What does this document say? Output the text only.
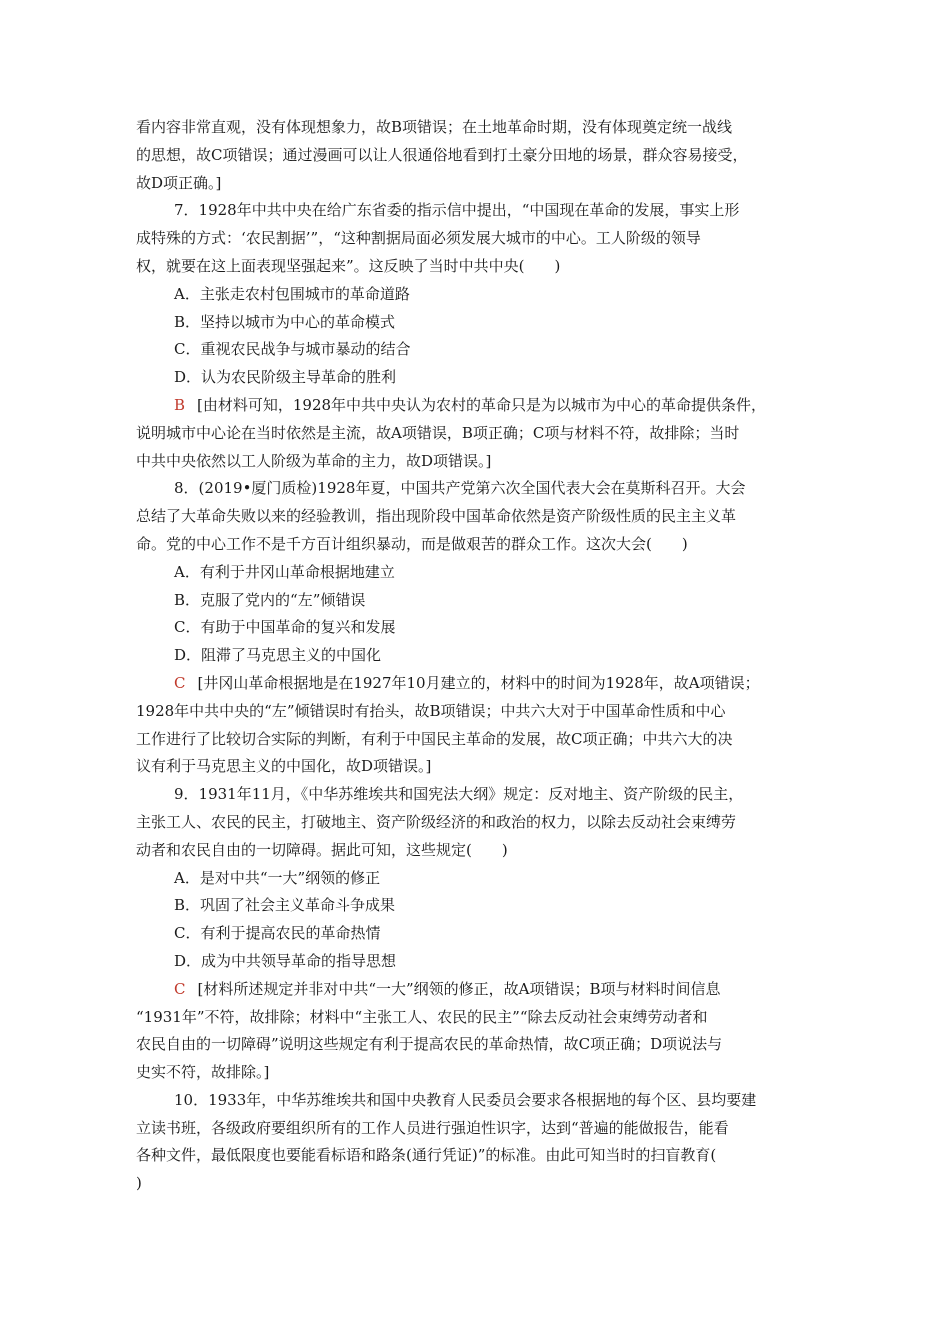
看内容非常直观，没有体现想象力，故B项错误；在土地革命时期，没有体现奠定统一战线
的思想，故C项错误；通过漫画可以让人很通俗地看到打土豪分田地的场景，群众容易接受，
故D项正确。]
7．1928年中共中央在给广东省委的指示信中提出，“中国现在革命的发展，事实上形
成特殊的方式：‘农民割据’”，“这种割据局面必须发展大城市的中心。工人阶级的领导
权，就要在这上面表现坚强起来”。这反映了当时中共中央(　　)
A．主张走农村包围城市的革命道路
B．坚持以城市为中心的革命模式
C．重视农民战争与城市暴动的结合
D．认为农民阶级主导革命的胜利
B [由材料可知，1928年中共中央认为农村的革命只是为以城市为中心的革命提供条件，
说明城市中心论在当时依然是主流，故A项错误，B项正确；C项与材料不符，故排除；当时
中共中央依然以工人阶级为革命的主力，故D项错误。]
8．(2019•厦门质检)1928年夏，中国共产党第六次全国代表大会在莫斯科召开。大会
总结了大革命失败以来的经验教训，指出现阶段中国革命依然是资产阶级性质的民主主义革
命。党的中心工作不是千方百计组织暴动，而是做艰苦的群众工作。这次大会(　　)
A．有利于井冈山革命根据地建立
B．克服了党内的“左”倾错误
C．有助于中国革命的复兴和发展
D．阻滞了马克思主义的中国化
C [井冈山革命根据地是在1927年10月建立的，材料中的时间为1928年，故A项错误；
1928年中共中央的“左”倾错误时有抬头，故B项错误；中共六大对于中国革命性质和中心
工作进行了比较切合实际的判断，有利于中国民主革命的发展，故C项正确；中共六大的决
议有利于马克思主义的中国化，故D项错误。]
9．1931年11月，《中华苏维埃共和国宪法大纲》规定：反对地主、资产阶级的民主，
主张工人、农民的民主，打破地主、资产阶级经济的和政治的权力，以除去反动社会束缚劳
动者和农民自由的一切障碍。据此可知，这些规定(　　)
A．是对中共“一大”纲领的修正
B．巩固了社会主义革命斗争成果
C．有利于提高农民的革命热情
D．成为中共领导革命的指导思想
C [材料所述规定并非对中共“一大”纲领的修正，故A项错误；B项与材料时间信息
“1931年”不符，故排除；材料中“主张工人、农民的民主”“除去反动社会束缚劳动者和
农民自由的一切障碍”说明这些规定有利于提高农民的革命热情，故C项正确；D项说法与
史实不符，故排除。]
10．1933年，中华苏维埃共和国中央教育人民委员会要求各根据地的每个区、县均要建
立读书班，各级政府要组织所有的工作人员进行强迫性识字，达到“普遍的能做报告，能看
各种文件，最低限度也要能看标语和路条(通行凭证)”的标准。由此可知当时的扫盲教育(
)
